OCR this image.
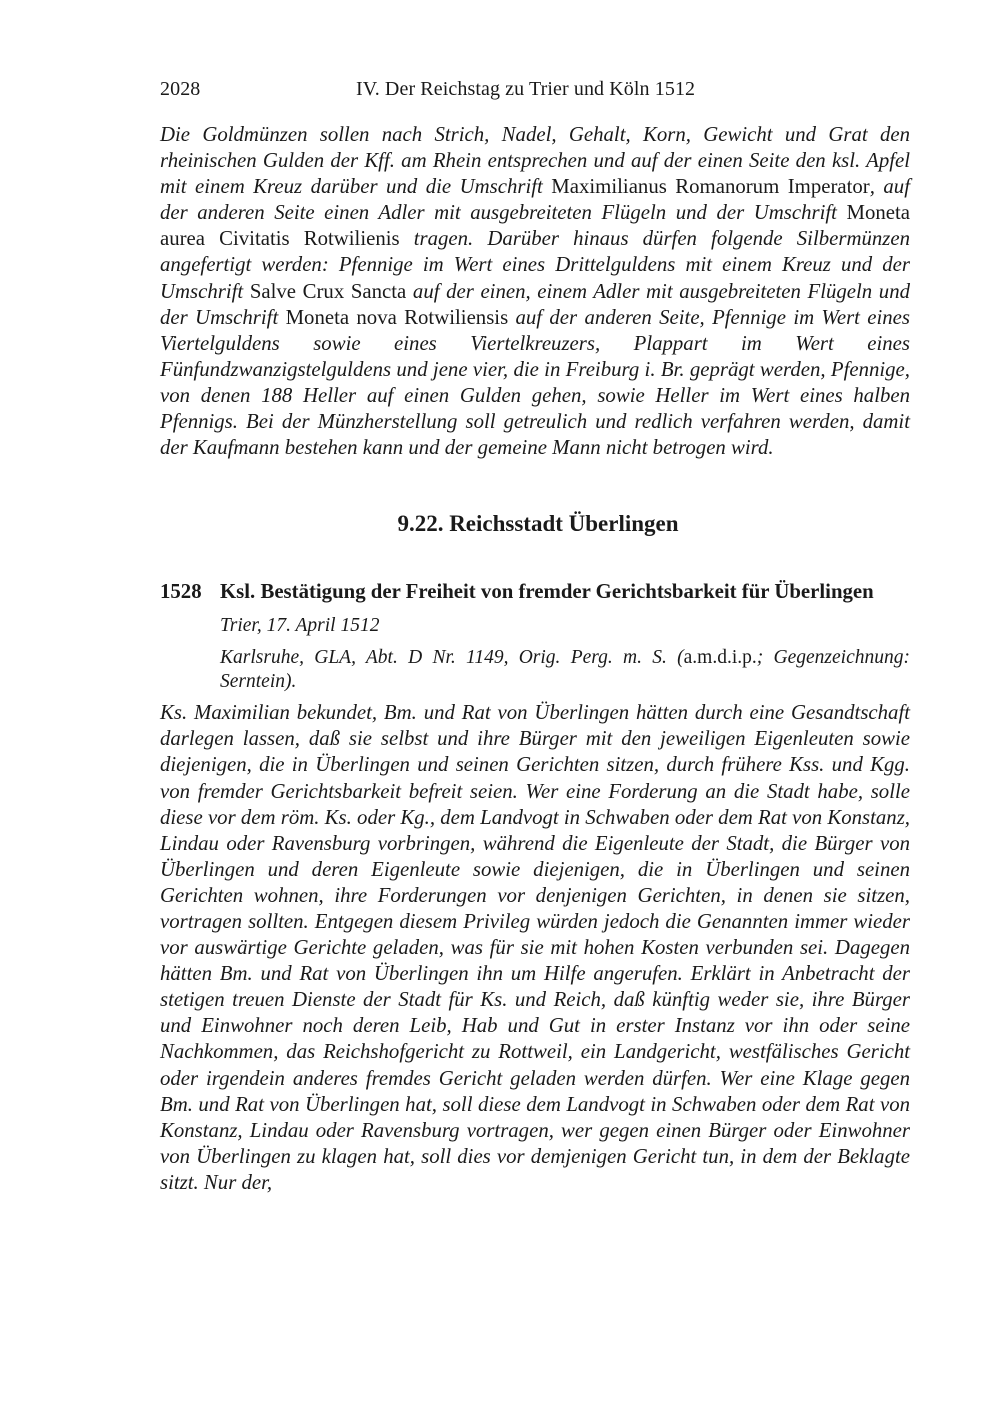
2028	IV. Der Reichstag zu Trier und Köln 1512

Die Goldmünzen sollen nach Strich, Nadel, Gehalt, Korn, Gewicht und Grat den rheinischen Gulden der Kff. am Rhein entsprechen und auf der einen Seite den ksl. Apfel mit einem Kreuz darüber und die Umschrift Maximilianus Romanorum Imperator, auf der anderen Seite einen Adler mit ausgebreiteten Flügeln und der Umschrift Moneta aurea Civitatis Rotwilienis tragen. Darüber hinaus dürfen folgende Silbermünzen angefertigt werden: Pfennige im Wert eines Drittelguldens mit einem Kreuz und der Umschrift Salve Crux Sancta auf der einen, einem Adler mit ausgebreiteten Flügeln und der Umschrift Moneta nova Rotwiliensis auf der anderen Seite, Pfennige im Wert eines Viertelguldens sowie eines Viertelkreuzers, Plappart im Wert eines Fünfundzwanzigstelguldens und jene vier, die in Freiburg i. Br. geprägt werden, Pfennige, von denen 188 Heller auf einen Gulden gehen, sowie Heller im Wert eines halben Pfennigs. Bei der Münzherstellung soll getreulich und redlich verfahren werden, damit der Kaufmann bestehen kann und der gemeine Mann nicht betrogen wird.

9.22. Reichsstadt Überlingen
1528 Ksl. Bestätigung der Freiheit von fremder Gerichtsbarkeit für Überlingen
Trier, 17. April 1512
Karlsruhe, GLA, Abt. D Nr. 1149, Orig. Perg. m. S. (a.m.d.i.p.; Gegenzeichnung: Serntein).

Ks. Maximilian bekundet, Bm. und Rat von Überlingen hätten durch eine Gesandtschaft darlegen lassen, daß sie selbst und ihre Bürger mit den jeweiligen Eigenleuten sowie diejenigen, die in Überlingen und seinen Gerichten sitzen, durch frühere Kss. und Kgg. von fremder Gerichtsbarkeit befreit seien. Wer eine Forderung an die Stadt habe, solle diese vor dem röm. Ks. oder Kg., dem Landvogt in Schwaben oder dem Rat von Konstanz, Lindau oder Ravensburg vorbringen, während die Eigenleute der Stadt, die Bürger von Überlingen und deren Eigenleute sowie diejenigen, die in Überlingen und seinen Gerichten wohnen, ihre Forderungen vor denjenigen Gerichten, in denen sie sitzen, vortragen sollten. Entgegen diesem Privileg würden jedoch die Genannten immer wieder vor auswärtige Gerichte geladen, was für sie mit hohen Kosten verbunden sei. Dagegen hätten Bm. und Rat von Überlingen ihn um Hilfe angerufen. Erklärt in Anbetracht der stetigen treuen Dienste der Stadt für Ks. und Reich, daß künftig weder sie, ihre Bürger und Einwohner noch deren Leib, Hab und Gut in erster Instanz vor ihn oder seine Nachkommen, das Reichshofgericht zu Rottweil, ein Landgericht, westfälisches Gericht oder irgendein anderes fremdes Gericht geladen werden dürfen. Wer eine Klage gegen Bm. und Rat von Überlingen hat, soll diese dem Landvogt in Schwaben oder dem Rat von Konstanz, Lindau oder Ravensburg vortragen, wer gegen einen Bürger oder Einwohner von Überlingen zu klagen hat, soll dies vor demjenigen Gericht tun, in dem der Beklagte sitzt. Nur der,
